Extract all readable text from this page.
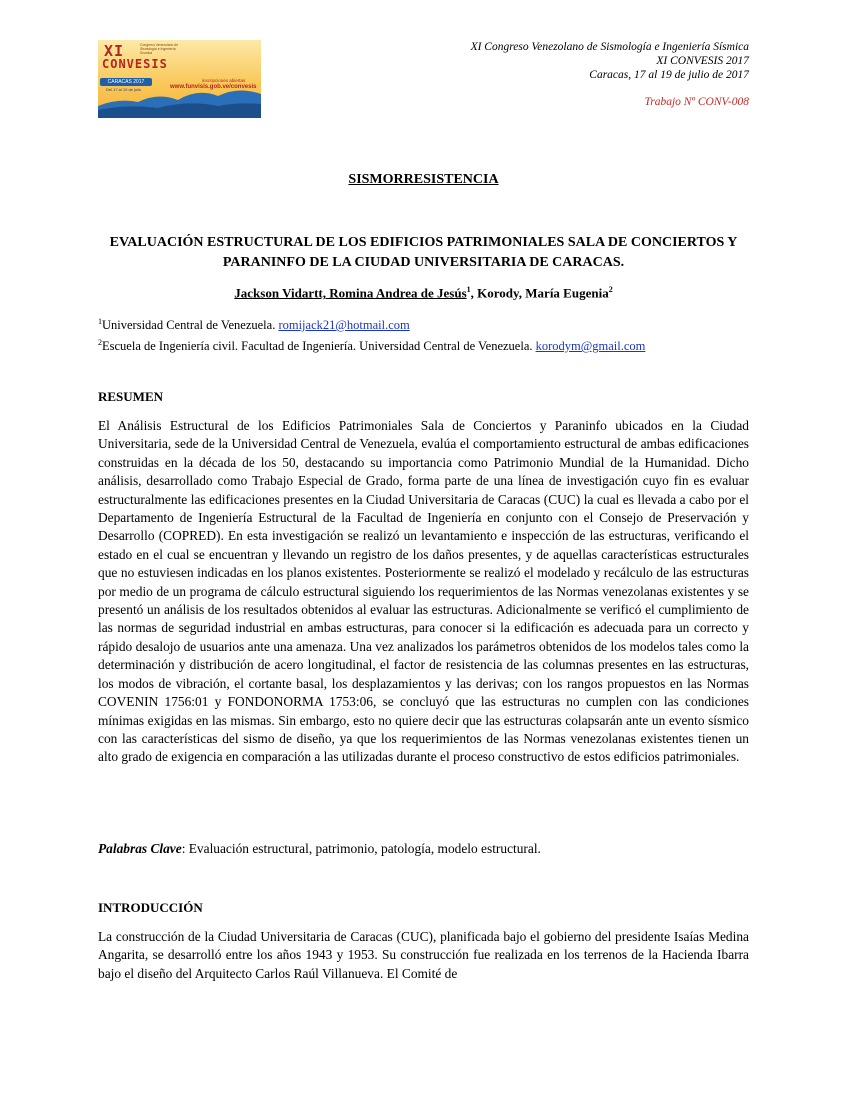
XI	Congreso Venezolano de Sismología e Ingeniería Sísmica
CONVESIS
CARACAS 2017
Del 17 al 19 de julio
inscripciones abiertas
www.funvisis.gob.ve/convesis
XI Congreso Venezolano de Sismología e Ingeniería Sísmica
XI CONVESIS 2017
Caracas, 17 al 19 de julio de 2017
Trabajo Nº CONV-008
SISMORRESISTENCIA
EVALUACIÓN ESTRUCTURAL DE LOS EDIFICIOS PATRIMONIALES SALA DE CONCIERTOS Y PARANINFO DE LA CIUDAD UNIVERSITARIA DE CARACAS.
Jackson Vidartt, Romina Andrea de Jesús$^1$, Korody, María Eugenia$^2$
$^1$Universidad Central de Venezuela. romijack21@hotmail.com
$^2$Escuela de Ingeniería civil. Facultad de Ingeniería. Universidad Central de Venezuela. korodym@gmail.com
RESUMEN
El Análisis Estructural de los Edificios Patrimoniales Sala de Conciertos y Paraninfo ubicados en la Ciudad Universitaria, sede de la Universidad Central de Venezuela, evalúa el comportamiento estructural de ambas edificaciones construidas en la década de los 50, destacando su importancia como Patrimonio Mundial de la Humanidad. Dicho análisis, desarrollado como Trabajo Especial de Grado, forma parte de una línea de investigación cuyo fin es evaluar estructuralmente las edificaciones presentes en la Ciudad Universitaria de Caracas (CUC) la cual es llevada a cabo por el Departamento de Ingeniería Estructural de la Facultad de Ingeniería en conjunto con el Consejo de Preservación y Desarrollo (COPRED). En esta investigación se realizó un levantamiento e inspección de las estructuras, verificando el estado en el cual se encuentran y llevando un registro de los daños presentes, y de aquellas características estructurales que no estuviesen indicadas en los planos existentes. Posteriormente se realizó el modelado y recálculo de las estructuras por medio de un programa de cálculo estructural siguiendo los requerimientos de las Normas venezolanas existentes y se presentó un análisis de los resultados obtenidos al evaluar las estructuras. Adicionalmente se verificó el cumplimiento de las normas de seguridad industrial en ambas estructuras, para conocer si la edificación es adecuada para un correcto y rápido desalojo de usuarios ante una amenaza. Una vez analizados los parámetros obtenidos de los modelos tales como la determinación y distribución de acero longitudinal, el factor de resistencia de las columnas presentes en las estructuras, los modos de vibración, el cortante basal, los desplazamientos y las derivas; con los rangos propuestos en las Normas COVENIN 1756:01 y FONDONORMA 1753:06, se concluyó que las estructuras no cumplen con las condiciones mínimas exigidas en las mismas. Sin embargo, esto no quiere decir que las estructuras colapsarán ante un evento sísmico con las características del sismo de diseño, ya que los requerimientos de las Normas venezolanas existentes tienen un alto grado de exigencia en comparación a las utilizadas durante el proceso constructivo de estos edificios patrimoniales.
Palabras Clave: Evaluación estructural, patrimonio, patología, modelo estructural.
INTRODUCCIÓN
La construcción de la Ciudad Universitaria de Caracas (CUC), planificada bajo el gobierno del presidente Isaías Medina Angarita, se desarrolló entre los años 1943 y 1953. Su construcción fue realizada en los terrenos de la Hacienda Ibarra bajo el diseño del Arquitecto Carlos Raúl Villanueva. El Comité de
